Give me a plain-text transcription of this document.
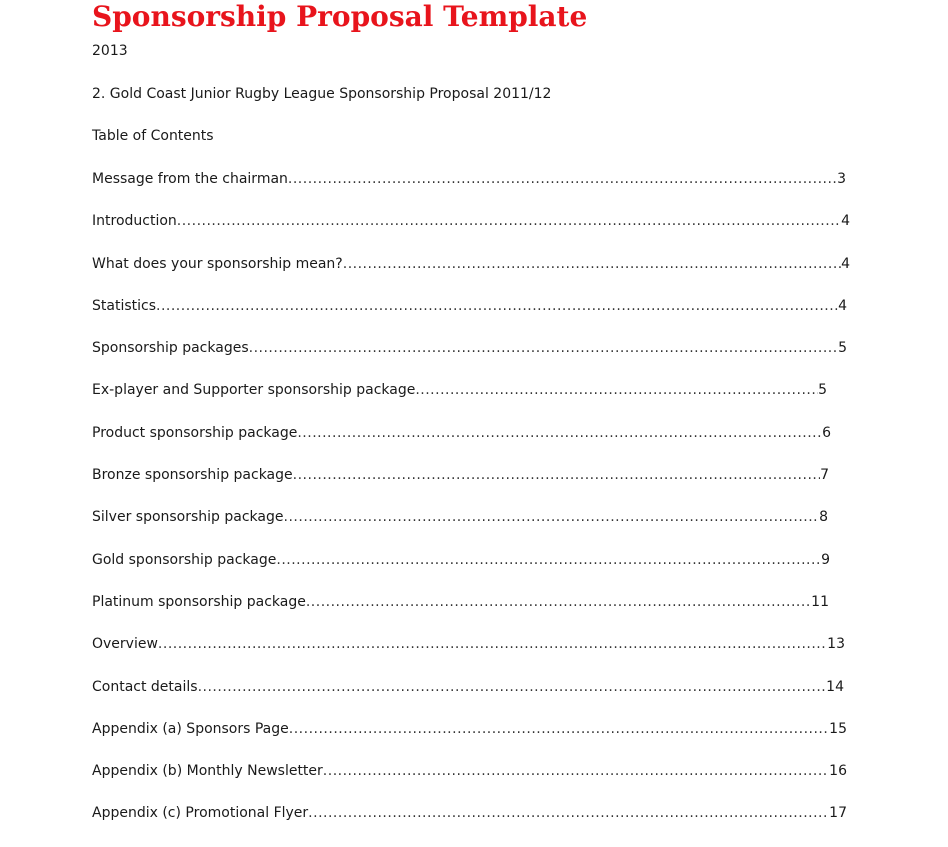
Sponsorship Proposal Template
2013
2. Gold Coast Junior Rugby League Sponsorship Proposal 2011/12
Table of Contents
Message from the chairman .....	3
Introduction .....	4
What does your sponsorship mean? .....	4
Statistics .....	4
Sponsorship packages .....	5
Ex-player and Supporter sponsorship package .....	5
Product sponsorship package .....	6
Bronze sponsorship package .....	7
Silver sponsorship package .....	8
Gold sponsorship package .....	9
Platinum sponsorship package .....	11
Overview .....	13
Contact details .....	14
Appendix (a) Sponsors Page .....	15
Appendix (b) Monthly Newsletter .....	16
Appendix (c) Promotional Flyer .....	17
